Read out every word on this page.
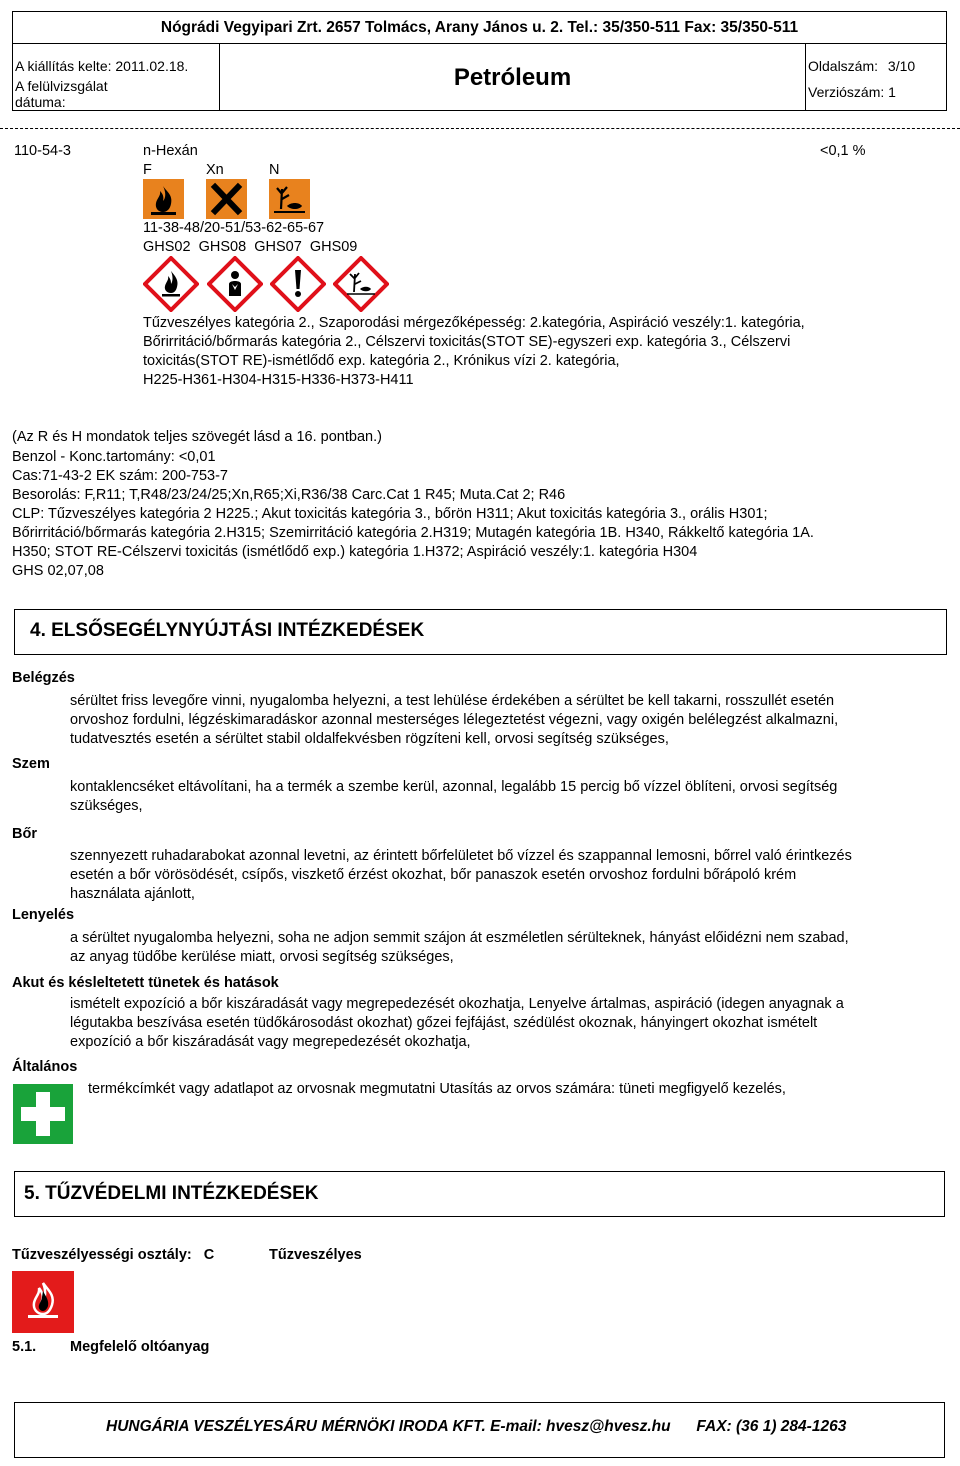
Nógrádi Vegyipari Zrt. 2657 Tolmács, Arany János u. 2. Tel.: 35/350-511 Fax: 35/350-511
A kiállítás kelte: 2011.02.18.
A felülvizsgálat
dátuma:
Petróleum	Oldalszám: 3/10
Verziószám: 1
110-54-3	n-Hexán	<0,1 %
F	Xn	N
11-38-48/20-51/53-62-65-67
GHS02  GHS08  GHS07  GHS09
Tűzveszélyes kategória 2., Szaporodási mérgezőképesség: 2.kategória, Aspiráció veszély:1. kategória,
Bőrirritáció/bőrmarás kategória 2., Célszervi toxicitás(STOT SE)-egyszeri exp. kategória 3., Célszervi
toxicitás(STOT RE)-ismétlődő exp. kategória 2., Krónikus vízi 2. kategória,
H225-H361-H304-H315-H336-H373-H411
(Az R és H mondatok teljes szövegét lásd a 16. pontban.)
Benzol - Konc.tartomány: <0,01
Cas:71-43-2 EK szám: 200-753-7
Besorolás: F,R11; T,R48/23/24/25;Xn,R65;Xi,R36/38 Carc.Cat 1 R45; Muta.Cat 2; R46
CLP: Tűzveszélyes kategória 2 H225.; Akut toxicitás kategória 3., bőrön H311; Akut toxicitás kategória 3., orális H301;
Bőrirritáció/bőrmarás kategória 2.H315; Szemirritáció kategória 2.H319; Mutagén kategória 1B. H340, Rákkeltő kategória 1A.
H350; STOT RE-Célszervi toxicitás (ismétlődő exp.) kategória 1.H372; Aspiráció veszély:1. kategória H304
GHS 02,07,08
4. ELSŐSEGÉLYNYÚJTÁSI INTÉZKEDÉSEK
Belégzés
sérültet friss levegőre vinni, nyugalomba helyezni, a test lehülése érdekében a sérültet be kell takarni, rosszullét esetén
orvoshoz fordulni, légzéskimaradáskor azonnal mesterséges lélegeztetést végezni, vagy oxigén belélegzést alkalmazni,
tudatvesztés esetén a sérültet stabil oldalfekvésben rögzíteni kell, orvosi segítség szükséges,
Szem
kontaklencséket eltávolítani, ha a termék a szembe kerül, azonnal, legalább 15 percig bő vízzel öblíteni, orvosi segítség
szükséges,
Bőr
szennyezett ruhadarabokat azonnal levetni, az érintett bőrfelületet bő vízzel és szappannal lemosni, bőrrel való érintkezés
esetén a bőr vörösödését, csípős, viszkető érzést okozhat, bőr panaszok esetén orvoshoz fordulni bőrápoló krém
használata ajánlott,
Lenyelés
a sérültet nyugalomba helyezni, soha ne adjon semmit szájon át eszméletlen sérülteknek, hányást előidézni nem szabad,
az anyag tüdőbe kerülése miatt, orvosi segítség szükséges,
Akut és késleltetett tünetek és hatások
ismételt expozíció a bőr kiszáradását vagy megrepedezését okozhatja, Lenyelve ártalmas, aspiráció (idegen anyagnak a
légutakba beszívása esetén tüdőkárosodást okozhat) gőzei fejfájást, szédülést okoznak, hányingert okozhat ismételt
expozíció a bőr kiszáradását vagy megrepedezését okozhatja,
Általános
termékcímkét vagy adatlapot az orvosnak megmutatni Utasítás az orvos számára: tüneti megfigyelő kezelés,
5. TŰZVÉDELMI INTÉZKEDÉSEK
Tűzveszélyességi osztály: C	Tűzveszélyes
5.1. Megfelelő oltóanyag
HUNGÁRIA VESZÉLYESÁRU MÉRNÖKI IRODA KFT. E-mail: hvesz@hvesz.hu      FAX: (36 1) 284-1263
